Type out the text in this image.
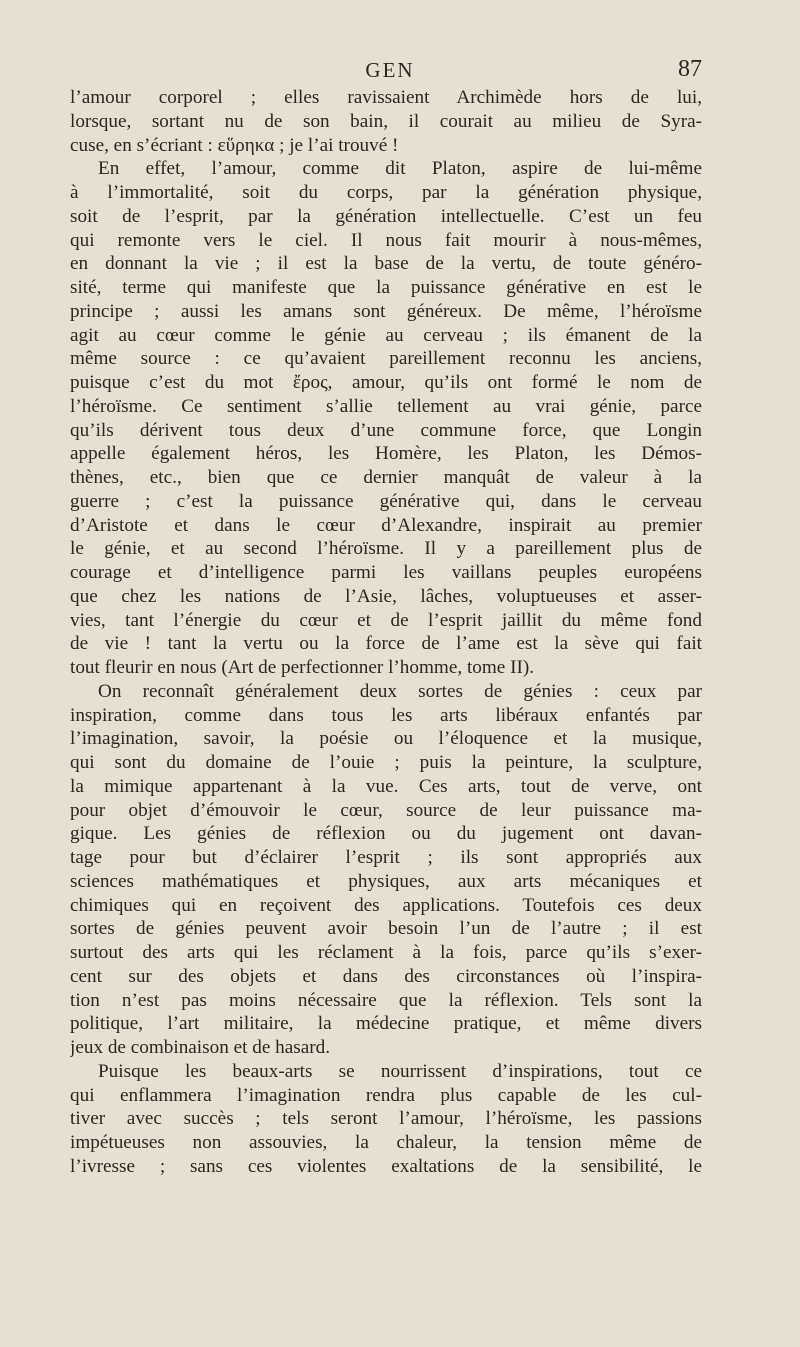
GEN	87
l’amour corporel ; elles ravissaient Archimède hors de lui,
lorsque, sortant nu de son bain, il courait au milieu de Syra-
cuse, en s’écriant : εὕρηκα ; je l’ai trouvé !
En effet, l’amour, comme dit Platon, aspire de lui-même
à l’immortalité, soit du corps, par la génération physique,
soit de l’esprit, par la génération intellectuelle. C’est un feu
qui remonte vers le ciel. Il nous fait mourir à nous-mêmes,
en donnant la vie ; il est la base de la vertu, de toute généro-
sité, terme qui manifeste que la puissance générative en est le
principe ; aussi les amans sont généreux. De même, l’héroïsme
agit au cœur comme le génie au cerveau ; ils émanent de la
même source : ce qu’avaient pareillement reconnu les anciens,
puisque c’est du mot ἔρος, amour, qu’ils ont formé le nom de
l’héroïsme. Ce sentiment s’allie tellement au vrai génie, parce
qu’ils dérivent tous deux d’une commune force, que Longin
appelle également héros, les Homère, les Platon, les Démos-
thènes, etc., bien que ce dernier manquât de valeur à la
guerre ; c’est la puissance générative qui, dans le cerveau
d’Aristote et dans le cœur d’Alexandre, inspirait au premier
le génie, et au second l’héroïsme. Il y a pareillement plus de
courage et d’intelligence parmi les vaillans peuples européens
que chez les nations de l’Asie, lâches, voluptueuses et asser-
vies, tant l’énergie du cœur et de l’esprit jaillit du même fond
de vie ! tant la vertu ou la force de l’ame est la sève qui fait
tout fleurir en nous (Art de perfectionner l’homme, tome II).
On reconnaît généralement deux sortes de génies : ceux par
inspiration, comme dans tous les arts libéraux enfantés par
l’imagination, savoir, la poésie ou l’éloquence et la musique,
qui sont du domaine de l’ouie ; puis la peinture, la sculpture,
la mimique appartenant à la vue. Ces arts, tout de verve, ont
pour objet d’émouvoir le cœur, source de leur puissance ma-
gique. Les génies de réflexion ou du jugement ont davan-
tage pour but d’éclairer l’esprit ; ils sont appropriés aux
sciences mathématiques et physiques, aux arts mécaniques et
chimiques qui en reçoivent des applications. Toutefois ces deux
sortes de génies peuvent avoir besoin l’un de l’autre ; il est
surtout des arts qui les réclament à la fois, parce qu’ils s’exer-
cent sur des objets et dans des circonstances où l’inspira-
tion n’est pas moins nécessaire que la réflexion. Tels sont la
politique, l’art militaire, la médecine pratique, et même divers
jeux de combinaison et de hasard.
Puisque les beaux-arts se nourrissent d’inspirations, tout ce
qui enflammera l’imagination rendra plus capable de les cul-
tiver avec succès ; tels seront l’amour, l’héroïsme, les passions
impétueuses non assouvies, la chaleur, la tension même de
l’ivresse ; sans ces violentes exaltations de la sensibilité, le
